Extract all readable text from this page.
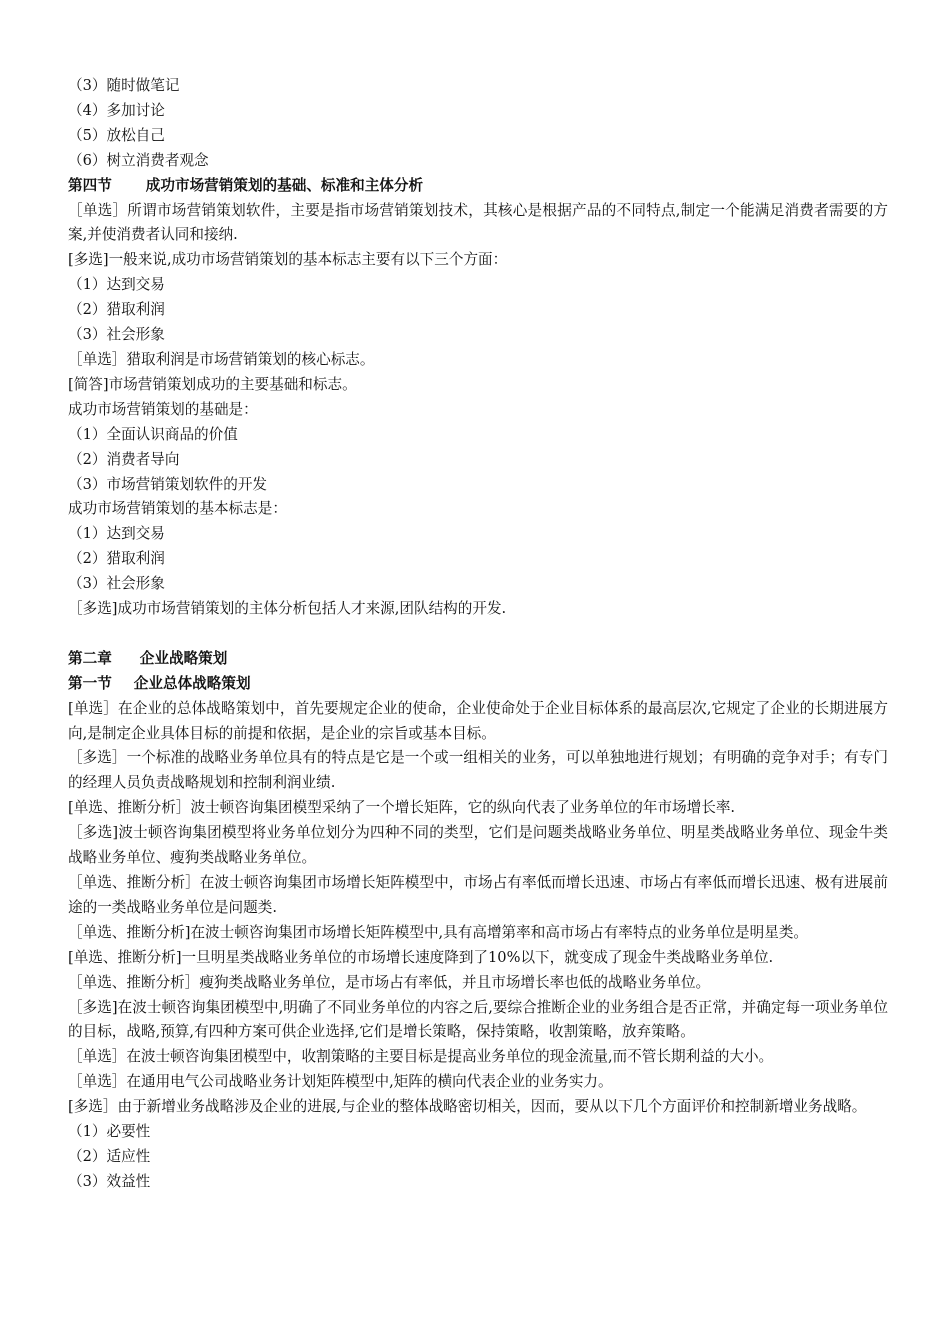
（3）随时做笔记
（4）多加讨论
（5）放松自己
（6）树立消费者观念
第四节 成功市场营销策划的基础、标准和主体分析
［单选］所谓市场营销策划软件，主要是指市场营销策划技术，其核心是根据产品的不同特点,制定一个能满足消费者需要的方案,并使消费者认同和接纳.
[多选]一般来说,成功市场营销策划的基本标志主要有以下三个方面：
（1）达到交易
（2）猎取利润
（3）社会形象
［单选］猎取利润是市场营销策划的核心标志。
[简答]市场营销策划成功的主要基础和标志。
成功市场营销策划的基础是：
（1）全面认识商品的价值
（2）消费者导向
（3）市场营销策划软件的开发
成功市场营销策划的基本标志是：
（1）达到交易
（2）猎取利润
（3）社会形象
［多选]成功市场营销策划的主体分析包括人才来源,团队结构的开发.
第二章 企业战略策划
第一节 企业总体战略策划
[单选］在企业的总体战略策划中，首先要规定企业的使命，企业使命处于企业目标体系的最高层次,它规定了企业的长期进展方向,是制定企业具体目标的前提和依据，是企业的宗旨或基本目标。
［多选］一个标准的战略业务单位具有的特点是它是一个或一组相关的业务，可以单独地进行规划；有明确的竞争对手；有专门的经理人员负责战略规划和控制利润业绩.
[单选、推断分析］波士顿咨询集团模型采纳了一个增长矩阵，它的纵向代表了业务单位的年市场增长率.
［多选]波士顿咨询集团模型将业务单位划分为四种不同的类型，它们是问题类战略业务单位、明星类战略业务单位、现金牛类战略业务单位、瘦狗类战略业务单位。
［单选、推断分析］在波士顿咨询集团市场增长矩阵模型中，市场占有率低而增长迅速、市场占有率低而增长迅速、极有进展前途的一类战略业务单位是问题类.
［单选、推断分析]在波士顿咨询集团市场增长矩阵模型中,具有高增第率和高市场占有率特点的业务单位是明星类。
[单选、推断分析]一旦明星类战略业务单位的市场增长速度降到了10%以下，就变成了现金牛类战略业务单位.
［单选、推断分析］瘦狗类战略业务单位，是市场占有率低，并且市场增长率也低的战略业务单位。
［多选]在波士顿咨询集团模型中,明确了不同业务单位的内容之后,要综合推断企业的业务组合是否正常，并确定每一项业务单位的目标，战略,预算,有四种方案可供企业选择,它们是增长策略，保持策略，收割策略，放弃策略。
［单选］在波士顿咨询集团模型中，收割策略的主要目标是提高业务单位的现金流量,而不管长期利益的大小。
［单选］在通用电气公司战略业务计划矩阵模型中,矩阵的横向代表企业的业务实力。
[多选］由于新增业务战略涉及企业的进展,与企业的整体战略密切相关，因而，要从以下几个方面评价和控制新增业务战略。
（1）必要性
（2）适应性
（3）效益性
